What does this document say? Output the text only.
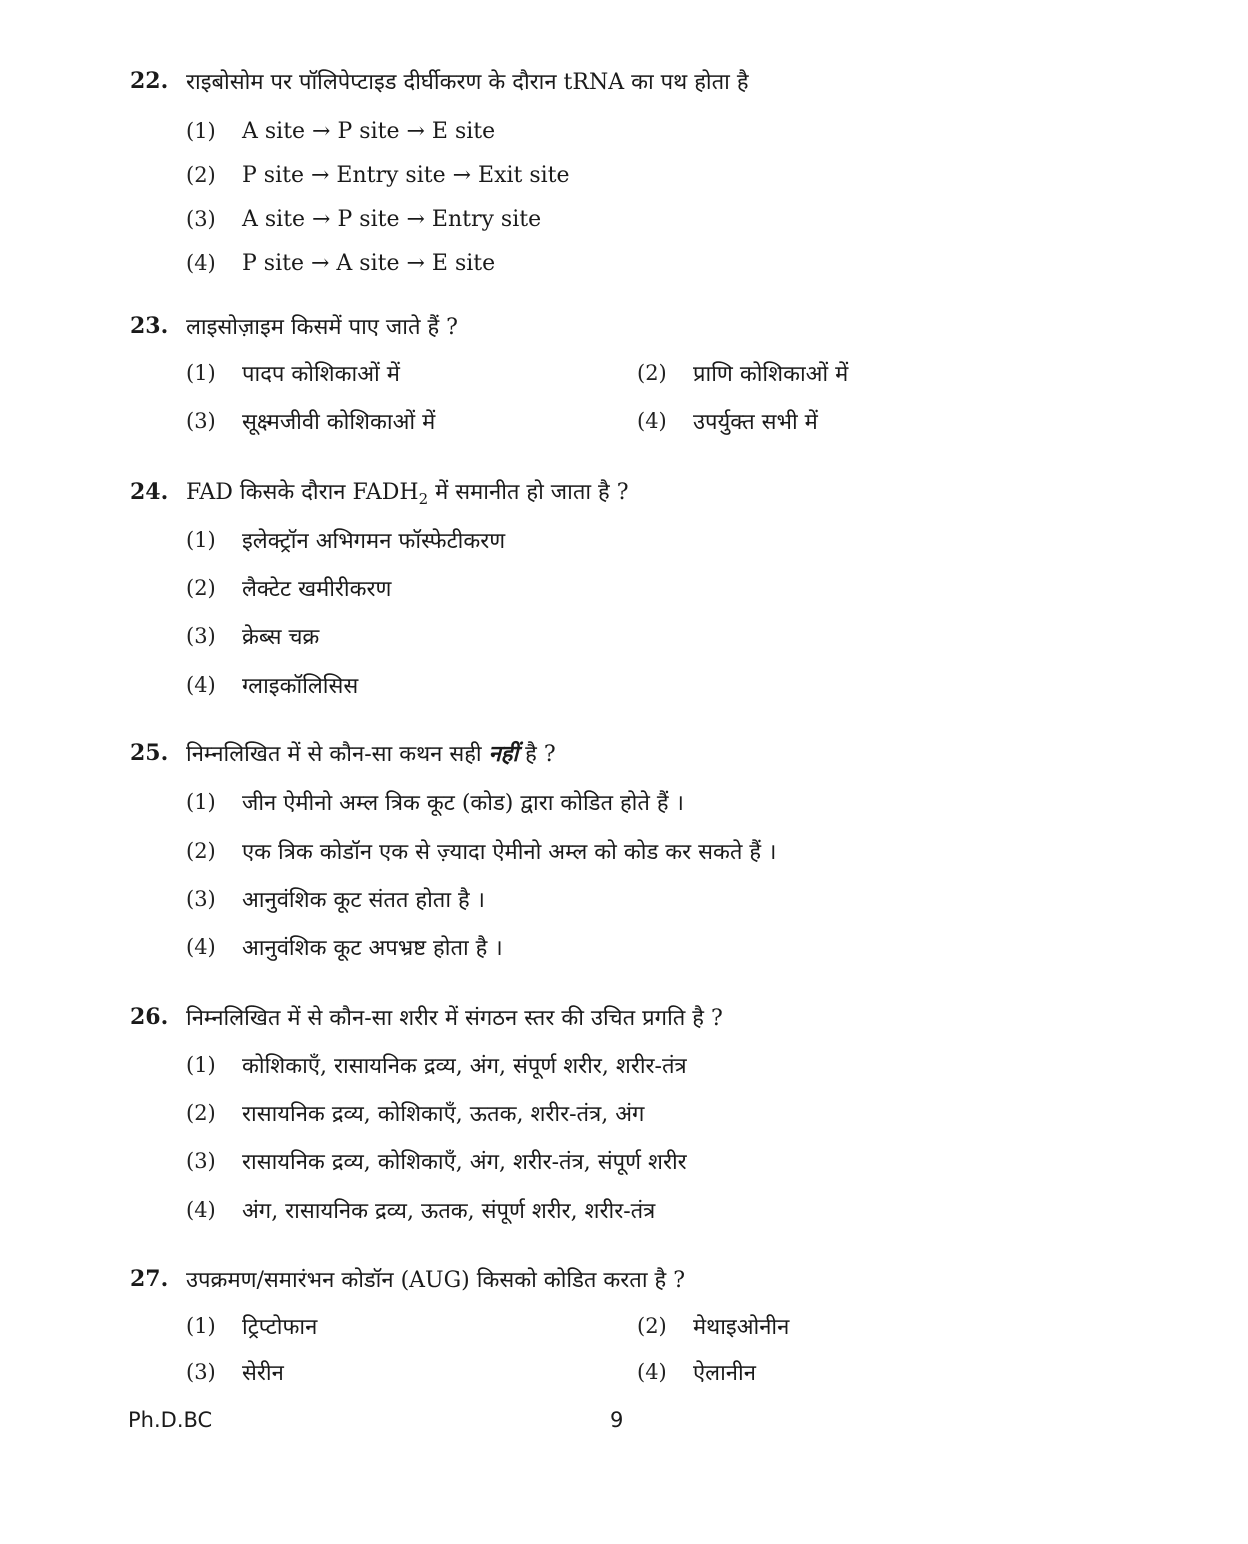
22. राइबोसोम पर पॉलिपेप्टाइड दीर्घीकरण के दौरान tRNA का पथ होता है
(1)	A site → P site → E site
(2)	P site → Entry site → Exit site
(3)	A site → P site → Entry site
(4)	P site → A site → E site
23. लाइसोज़ाइम किसमें पाए जाते हैं ?
(1)	पादप कोशिकाओं में	(2)	प्राणि कोशिकाओं में
(3)	सूक्ष्मजीवी कोशिकाओं में	(4)	उपर्युक्त सभी में
24. FAD किसके दौरान $FADH_2$ में समानीत हो जाता है ?
(1)	इलेक्ट्रॉन अभिगमन फॉस्फेटीकरण
(2)	लैक्टेट खमीरीकरण
(3)	क्रेब्स चक्र
(4)	ग्लाइकॉलिसिस
25. निम्नलिखित में से कौन-सा कथन सही नहीं है ?
(1)	जीन ऐमीनो अम्ल त्रिक कूट (कोड) द्वारा कोडित होते हैं ।
(2)	एक त्रिक कोडॉन एक से ज़्यादा ऐमीनो अम्ल को कोड कर सकते हैं ।
(3)	आनुवंशिक कूट संतत होता है ।
(4)	आनुवंशिक कूट अपभ्रष्ट होता है ।
26. निम्नलिखित में से कौन-सा शरीर में संगठन स्तर की उचित प्रगति है ?
(1)	कोशिकाएँ, रासायनिक द्रव्य, अंग, संपूर्ण शरीर, शरीर-तंत्र
(2)	रासायनिक द्रव्य, कोशिकाएँ, ऊतक, शरीर-तंत्र, अंग
(3)	रासायनिक द्रव्य, कोशिकाएँ, अंग, शरीर-तंत्र, संपूर्ण शरीर
(4)	अंग, रासायनिक द्रव्य, ऊतक, संपूर्ण शरीर, शरीर-तंत्र
27. उपक्रमण/समारंभन कोडॉन (AUG) किसको कोडित करता है ?
(1)	ट्रिप्टोफान	(2)	मेथाइओनीन
(3)	सेरीन	(4)	ऐलानीन
Ph.D.BC	9
